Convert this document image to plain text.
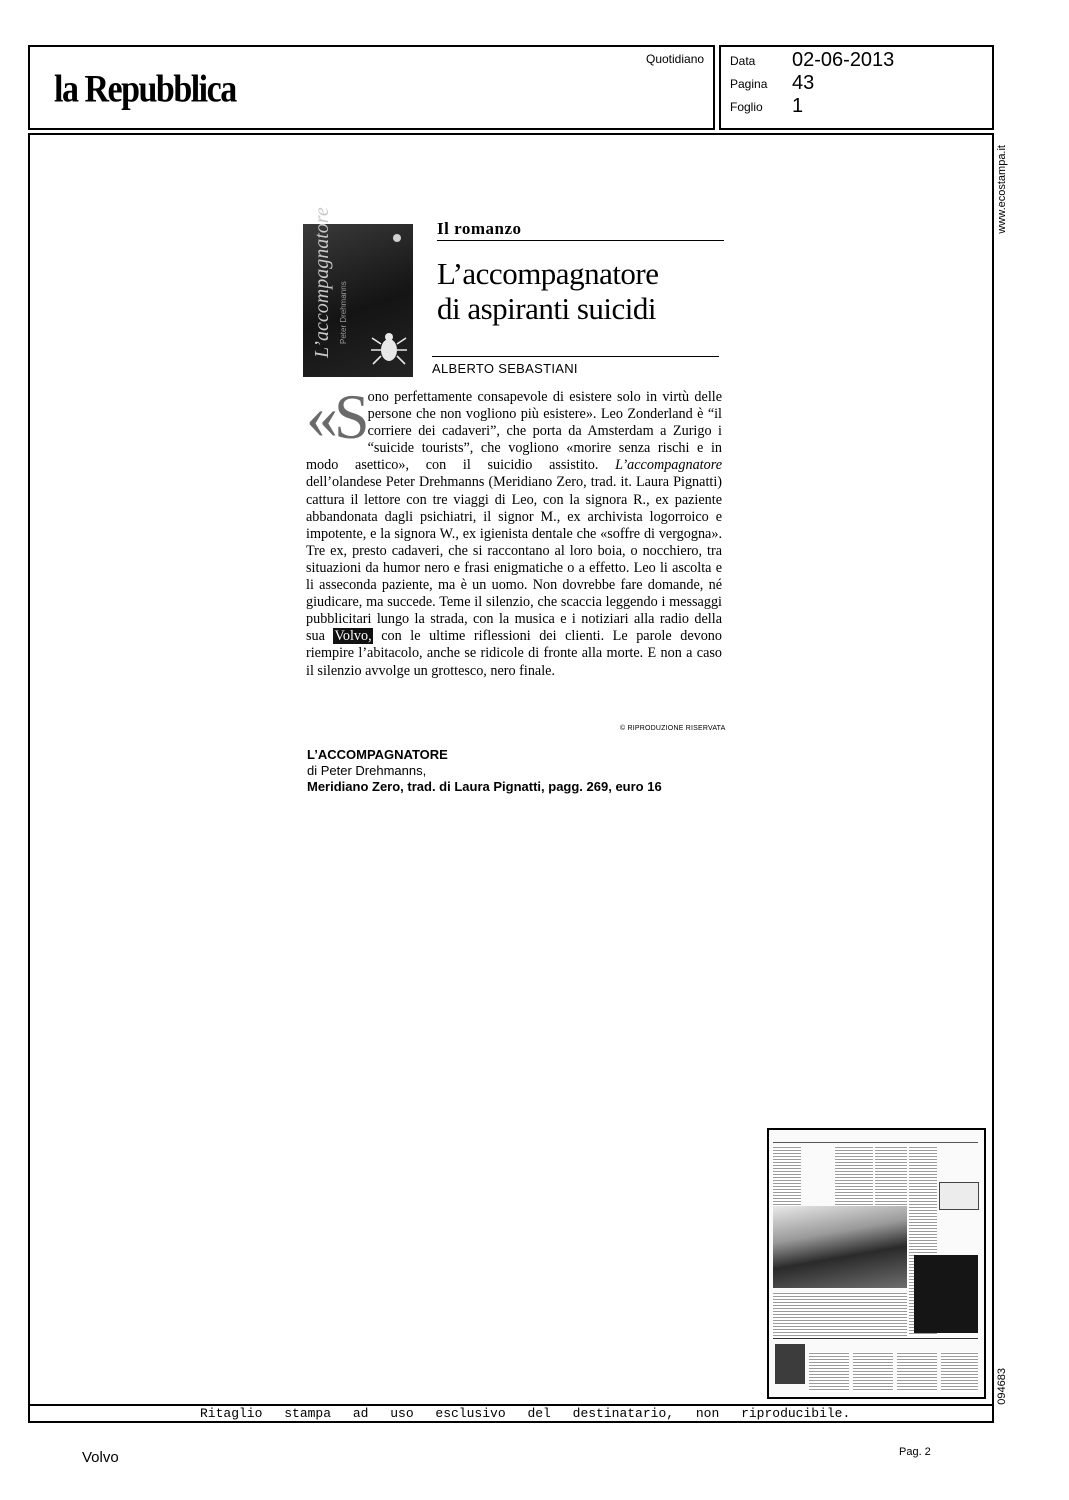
la Repubblica
Quotidiano Data 02-06-2013
Pagina 43
Foglio 1
www.ecostampa.it
094683
L’accompagnatore Peter Drehmanns
Il romanzo
L’accompagnatore
di aspiranti suicidi
ALBERTO SEBASTIANI

«Sono perfettamente consapevole di esistere solo in virtù delle persone che non vogliono più esistere». Leo Zonderland è “il corriere dei cadaveri”, che porta da Amsterdam a Zurigo i “suicide tourists”, che vogliono «morire senza rischi e in modo asettico», con il suicidio assistito. L’accompagnatore dell’olandese Peter Drehmanns (Meridiano Zero, trad. it. Laura Pignatti) cattura il lettore con tre viaggi di Leo, con la signora R., ex paziente abbandonata dagli psichiatri, il signor M., ex archivista logorroico e impotente, e la signora W., ex igienista dentale che «soffre di vergogna». Tre ex, presto cadaveri, che si raccontano al loro boia, o nocchiero, tra situazioni da humor nero e frasi enigmatiche o a effetto. Leo li ascolta e li asseconda paziente, ma è un uomo. Non dovrebbe fare domande, né giudicare, ma succede. Teme il silenzio, che scaccia leggendo i messaggi pubblicitari lungo la strada, con la musica e i notiziari alla radio della sua Volvo, con le ultime riflessioni dei clienti. Le parole devono riempire l’abitacolo, anche se ridicole di fronte alla morte. E non a caso il silenzio avvolge un grottesco, nero finale.

© RIPRODUZIONE RISERVATA
L’ACCOMPAGNATORE
di Peter Drehmanns,
Meridiano Zero, trad. di Laura Pignatti, pagg. 269, euro 16
Ritaglio stampa ad uso esclusivo del destinatario, non riproducibile.
Volvo	Pag. 2
